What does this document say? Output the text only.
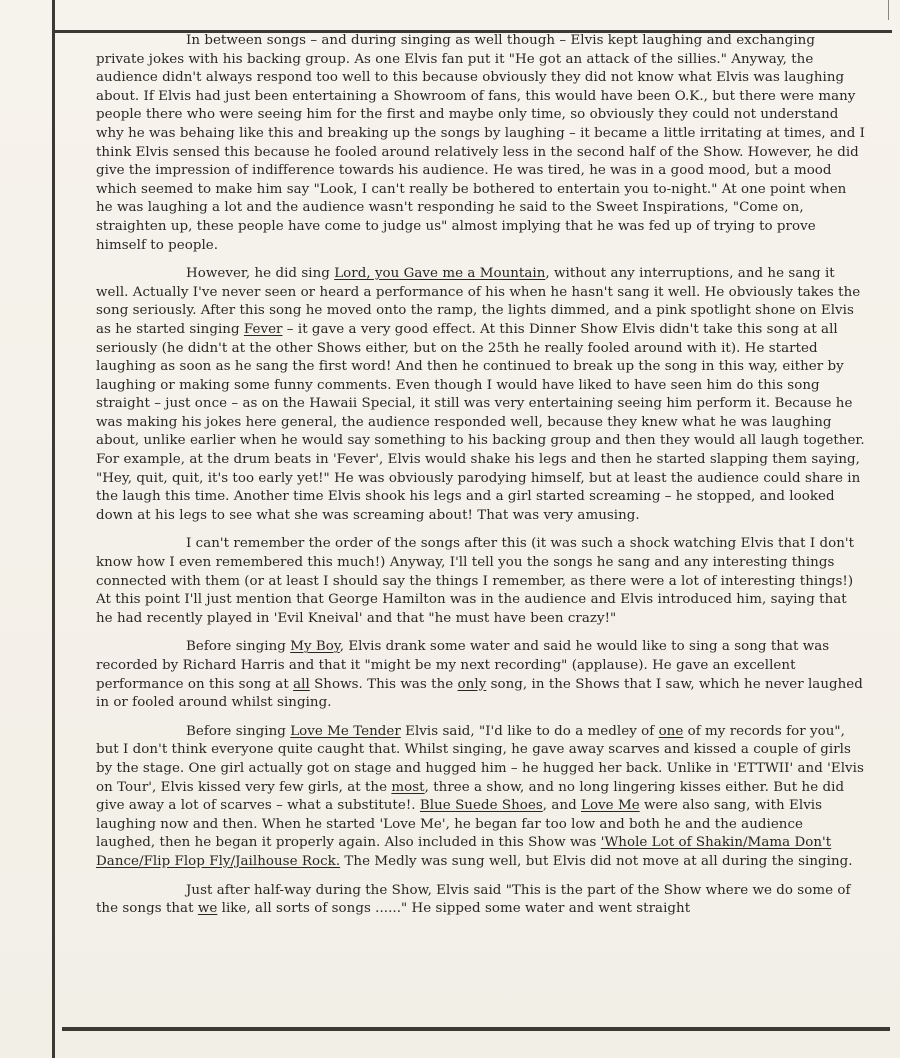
In between songs – and during singing as well though – Elvis kept laughing and exchanging private jokes with his backing group. As one Elvis fan put it "He got an attack of the sillies." Anyway, the audience didn't always respond too well to this because obviously they did not know what Elvis was laughing about. If Elvis had just been entertaining a Showroom of fans, this would have been O.K., but there were many people there who were seeing him for the first and maybe only time, so obviously they could not understand why he was behaing like this and breaking up the songs by laughing – it became a little irritating at times, and I think Elvis sensed this because he fooled around relatively less in the second half of the Show. However, he did give the impression of indifference towards his audience. He was tired, he was in a good mood, but a mood which seemed to make him say "Look, I can't really be bothered to entertain you to-night." At one point when he was laughing a lot and the audience wasn't responding he said to the Sweet Inspirations, "Come on, straighten up, these people have come to judge us" almost implying that he was fed up of trying to prove himself to people.

However, he did sing Lord, you Gave me a Mountain, without any interruptions, and he sang it well. Actually I've never seen or heard a performance of his when he hasn't sang it well. He obviously takes the song seriously. After this song he moved onto the ramp, the lights dimmed, and a pink spotlight shone on Elvis as he started singing Fever – it gave a very good effect. At this Dinner Show Elvis didn't take this song at all seriously (he didn't at the other Shows either, but on the 25th he really fooled around with it). He started laughing as soon as he sang the first word! And then he continued to break up the song in this way, either by laughing or making some funny comments. Even though I would have liked to have seen him do this song straight – just once – as on the Hawaii Special, it still was very entertaining seeing him perform it. Because he was making his jokes here general, the audience responded well, because they knew what he was laughing about, unlike earlier when he would say something to his backing group and then they would all laugh together. For example, at the drum beats in 'Fever', Elvis would shake his legs and then he started slapping them saying, "Hey, quit, quit, it's too early yet!" He was obviously parodying himself, but at least the audience could share in the laugh this time. Another time Elvis shook his legs and a girl started screaming – he stopped, and looked down at his legs to see what she was screaming about! That was very amusing.

I can't remember the order of the songs after this (it was such a shock watching Elvis that I don't know how I even remembered this much!) Anyway, I'll tell you the songs he sang and any interesting things connected with them (or at least I should say the things I remember, as there were a lot of interesting things!) At this point I'll just mention that George Hamilton was in the audience and Elvis introduced him, saying that he had recently played in 'Evil Kneival' and that "he must have been crazy!"

Before singing My Boy, Elvis drank some water and said he would like to sing a song that was recorded by Richard Harris and that it "might be my next recording" (applause). He gave an excellent performance on this song at all Shows. This was the only song, in the Shows that I saw, which he never laughed in or fooled around whilst singing.

Before singing Love Me Tender Elvis said, "I'd like to do a medley of one of my records for you", but I don't think everyone quite caught that. Whilst singing, he gave away scarves and kissed a couple of girls by the stage. One girl actually got on stage and hugged him – he hugged her back. Unlike in 'ETTWII' and 'Elvis on Tour', Elvis kissed very few girls, at the most, three a show, and no long lingering kisses either. But he did give away a lot of scarves – what a substitute!. Blue Suede Shoes, and Love Me were also sang, with Elvis laughing now and then. When he started 'Love Me', he began far too low and both he and the audience laughed, then he began it properly again. Also included in this Show was 'Whole Lot of Shakin/Mama Don't Dance/Flip Flop Fly/Jailhouse Rock. The Medly was sung well, but Elvis did not move at all during the singing.

Just after half-way during the Show, Elvis said "This is the part of the Show where we do some of the songs that we like, all sorts of songs ......" He sipped some water and went straight
